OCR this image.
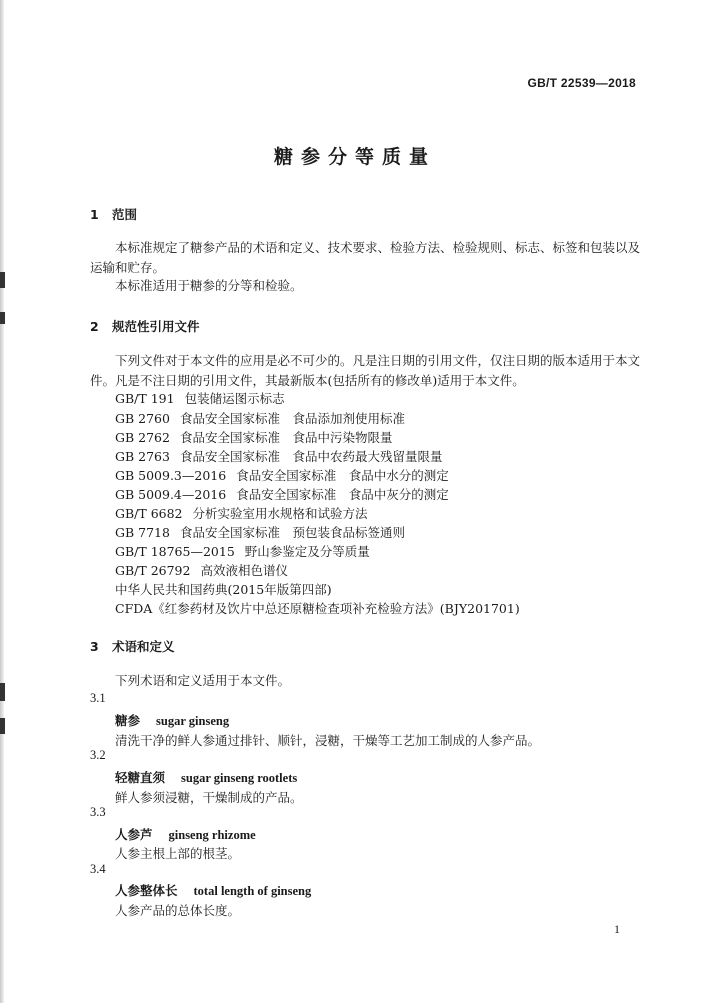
GB/T 22539—2018
糖参分等质量
1 范围
本标准规定了糖参产品的术语和定义、技术要求、检验方法、检验规则、标志、标签和包装以及运输和贮存。
本标准适用于糖参的分等和检验。
2 规范性引用文件
下列文件对于本文件的应用是必不可少的。凡是注日期的引用文件，仅注日期的版本适用于本文件。凡是不注日期的引用文件，其最新版本(包括所有的修改单)适用于本文件。
GB/T 191 包装储运图示标志
GB 2760 食品安全国家标准　食品添加剂使用标准
GB 2762 食品安全国家标准　食品中污染物限量
GB 2763 食品安全国家标准　食品中农药最大残留量限量
GB 5009.3—2016 食品安全国家标准　食品中水分的测定
GB 5009.4—2016 食品安全国家标准　食品中灰分的测定
GB/T 6682 分析实验室用水规格和试验方法
GB 7718 食品安全国家标准　预包装食品标签通则
GB/T 18765—2015 野山参鉴定及分等质量
GB/T 26792 高效液相色谱仪
中华人民共和国药典(2015年版第四部)
CFDA《红参药材及饮片中总还原糖检查项补充检验方法》(BJY201701)
3 术语和定义
下列术语和定义适用于本文件。
3.1
糖参 sugar ginseng
清洗干净的鲜人参通过排针、顺针，浸糖，干燥等工艺加工制成的人参产品。
3.2
轻糖直须 sugar ginseng rootlets
鲜人参须浸糖，干燥制成的产品。
3.3
人参芦 ginseng rhizome
人参主根上部的根茎。
3.4
人参整体长 total length of ginseng
人参产品的总体长度。
1
